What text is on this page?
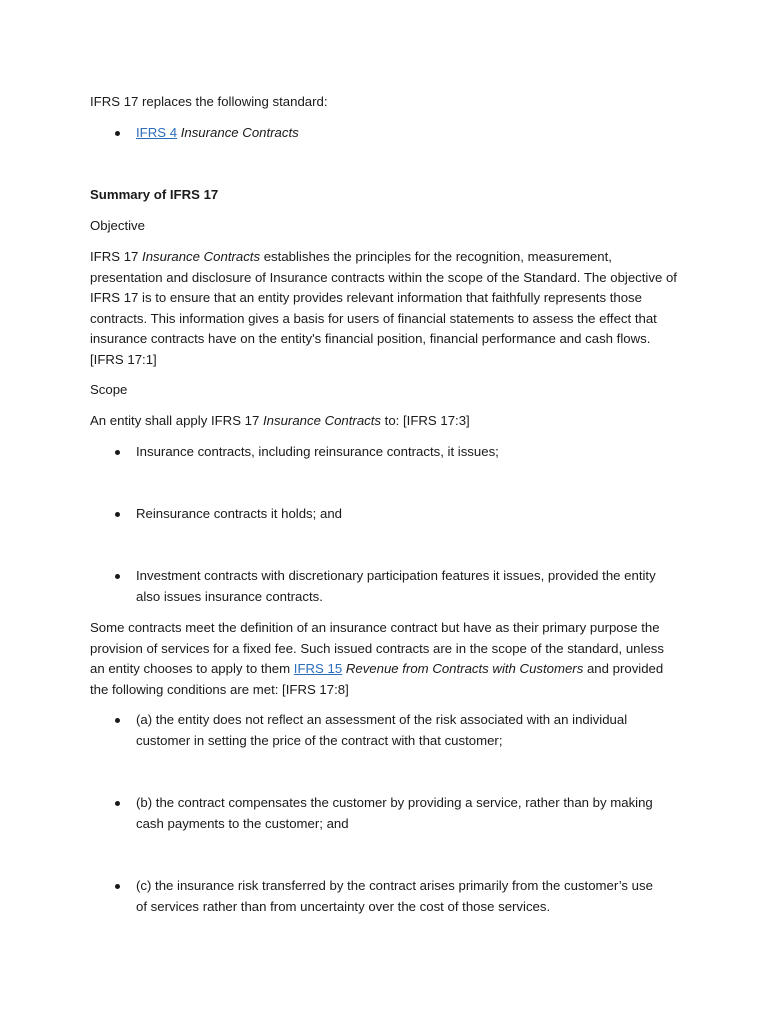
IFRS 17 replaces the following standard:

IFRS 4 Insurance Contracts

Summary of IFRS 17

Objective

IFRS 17 Insurance Contracts establishes the principles for the recognition, measurement, presentation and disclosure of Insurance contracts within the scope of the Standard. The objective of IFRS 17 is to ensure that an entity provides relevant information that faithfully represents those contracts. This information gives a basis for users of financial statements to assess the effect that insurance contracts have on the entity's financial position, financial performance and cash flows. [IFRS 17:1]

Scope

An entity shall apply IFRS 17 Insurance Contracts to: [IFRS 17:3]

Insurance contracts, including reinsurance contracts, it issues;
Reinsurance contracts it holds; and
Investment contracts with discretionary participation features it issues, provided the entity also issues insurance contracts.

Some contracts meet the definition of an insurance contract but have as their primary purpose the provision of services for a fixed fee. Such issued contracts are in the scope of the standard, unless an entity chooses to apply to them IFRS 15 Revenue from Contracts with Customers and provided the following conditions are met: [IFRS 17:8]

(a) the entity does not reflect an assessment of the risk associated with an individual customer in setting the price of the contract with that customer;
(b) the contract compensates the customer by providing a service, rather than by making cash payments to the customer; and
(c) the insurance risk transferred by the contract arises primarily from the customer’s use of services rather than from uncertainty over the cost of those services.
